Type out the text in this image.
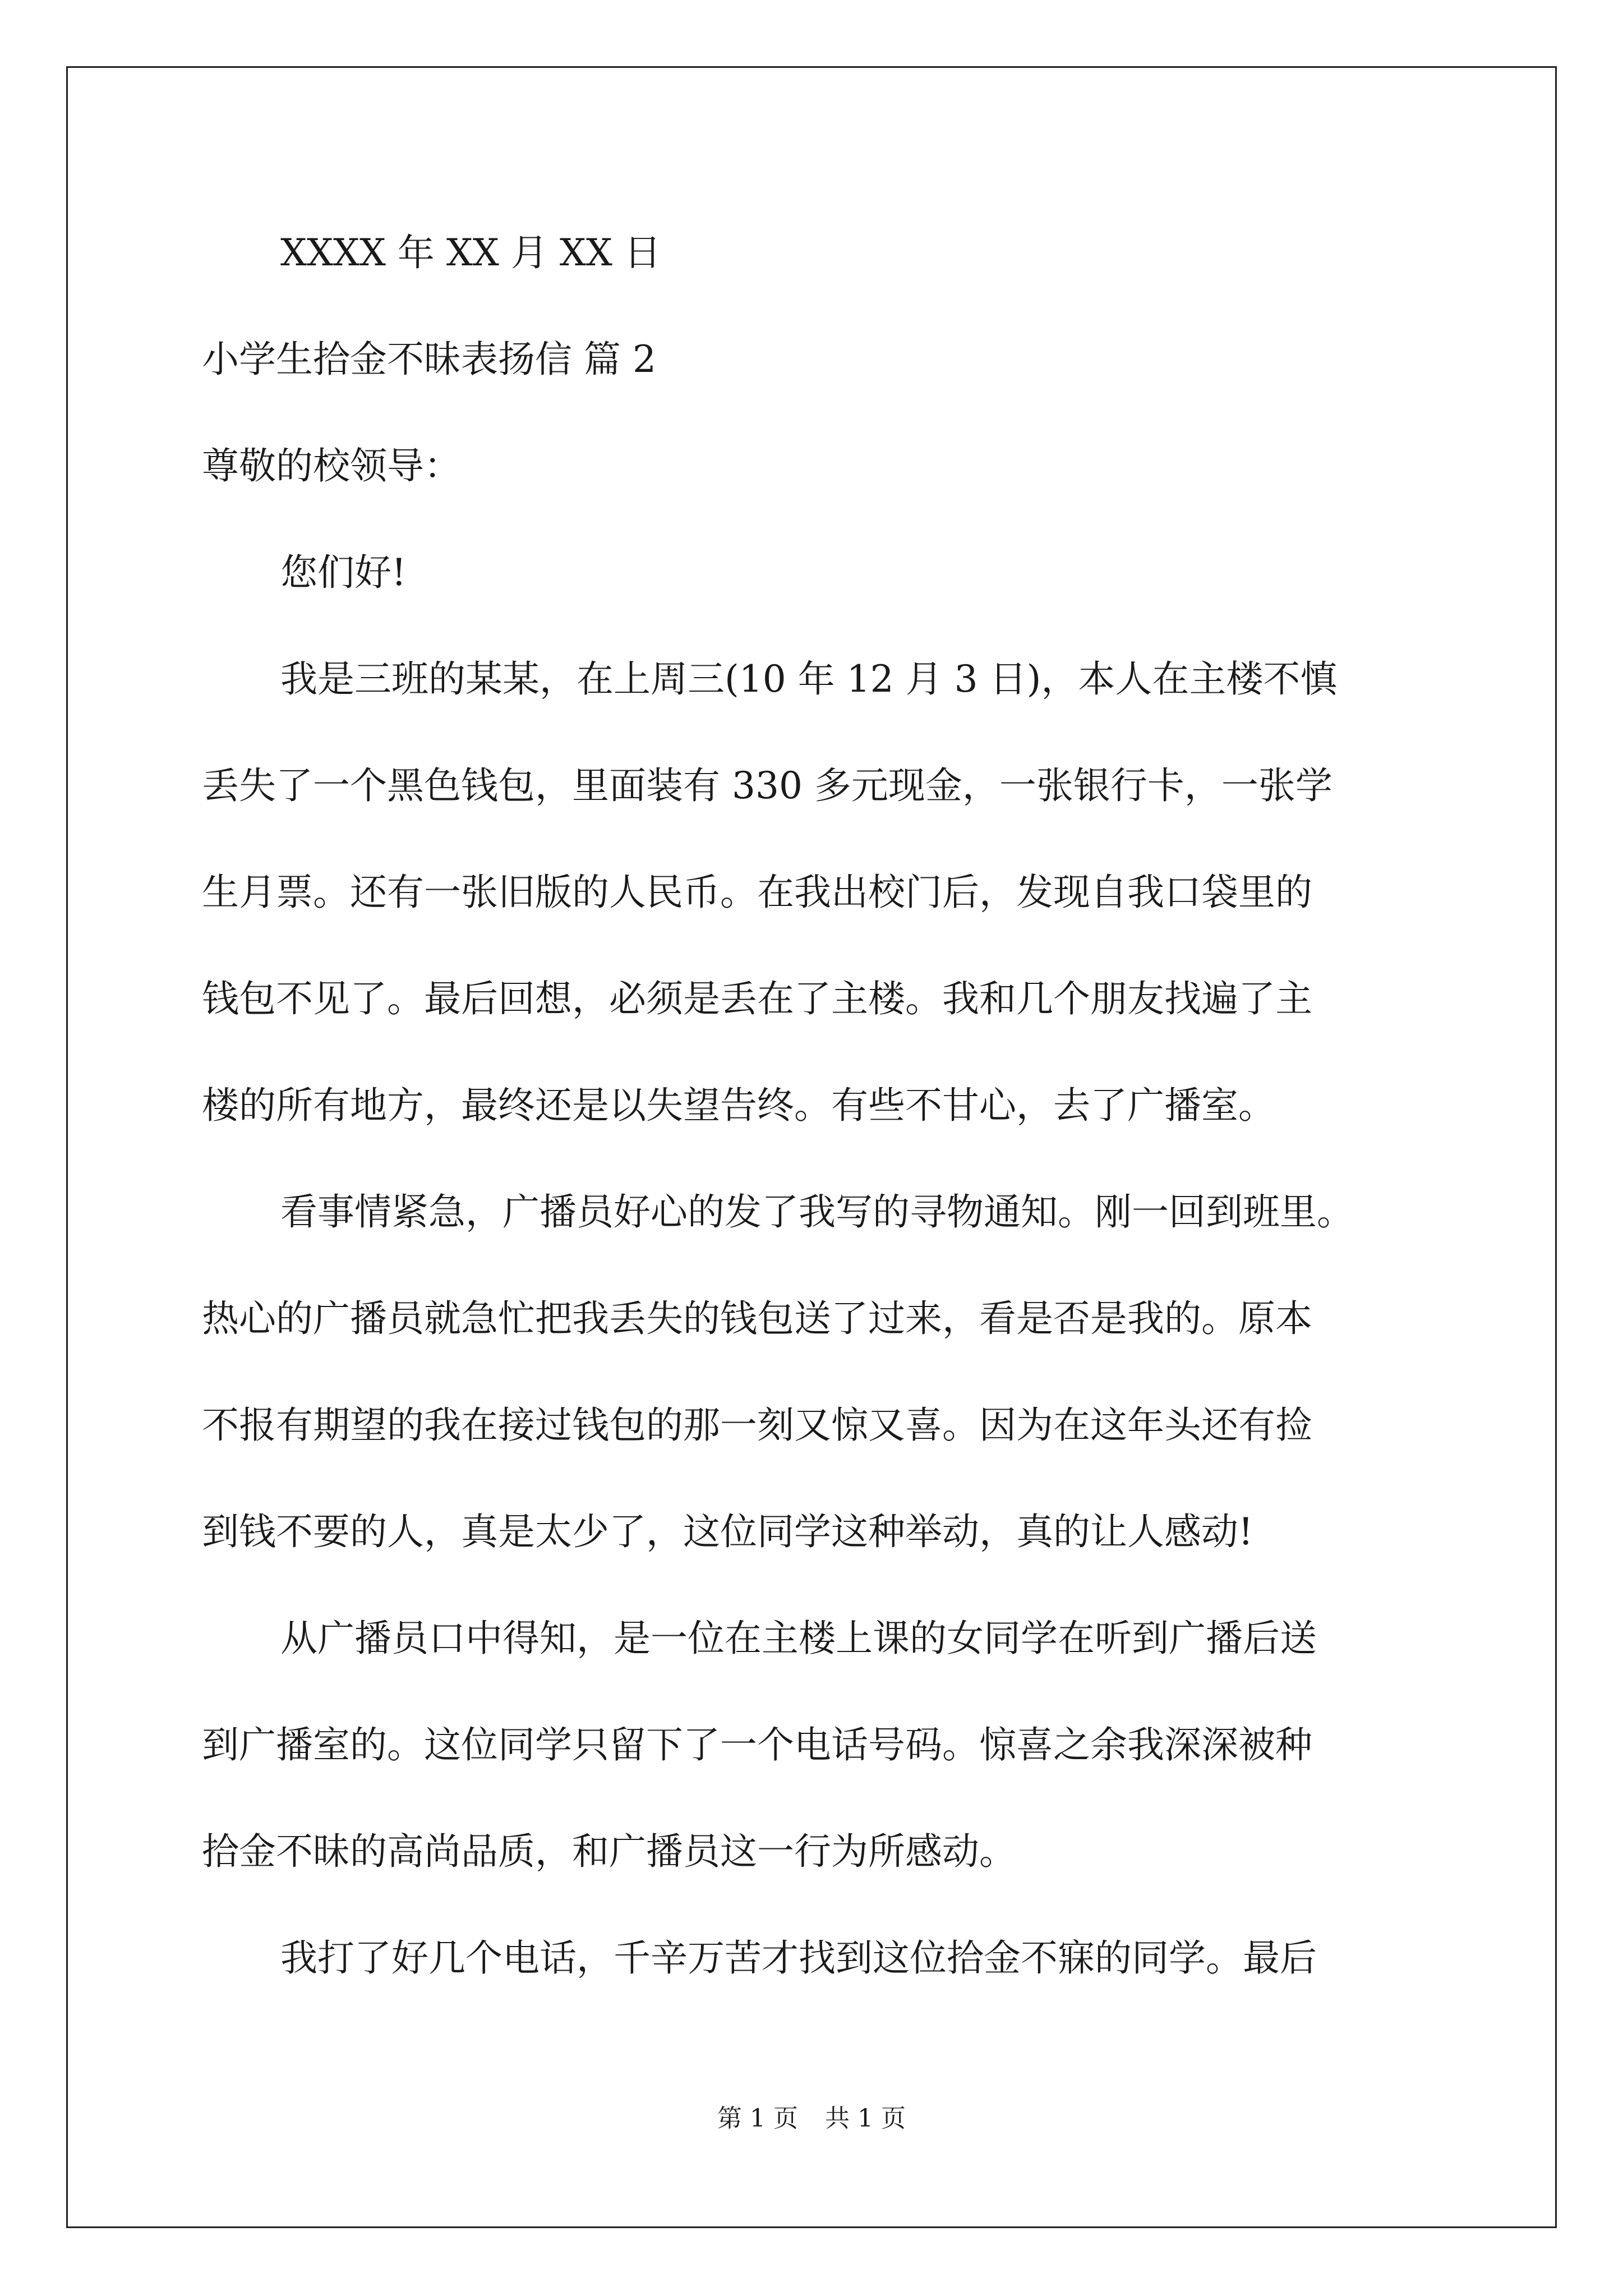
XXXX 年 XX 月 XX 日
小学生拾金不昧表扬信 篇 2
尊敬的校领导：
您们好!
我是三班的某某，在上周三(10 年 12 月 3 日)，本人在主楼不慎
丢失了一个黑色钱包，里面装有 330 多元现金，一张银行卡，一张学
生月票。还有一张旧版的人民币。在我出校门后，发现自我口袋里的
钱包不见了。最后回想，必须是丢在了主楼。我和几个朋友找遍了主
楼的所有地方，最终还是以失望告终。有些不甘心，去了广播室。
看事情紧急，广播员好心的发了我写的寻物通知。刚一回到班里。
热心的广播员就急忙把我丢失的钱包送了过来，看是否是我的。原本
不报有期望的我在接过钱包的那一刻又惊又喜。因为在这年头还有捡
到钱不要的人，真是太少了，这位同学这种举动，真的让人感动!
从广播员口中得知，是一位在主楼上课的女同学在听到广播后送
到广播室的。这位同学只留下了一个电话号码。惊喜之余我深深被种
拾金不昧的高尚品质，和广播员这一行为所感动。
我打了好几个电话，千辛万苦才找到这位拾金不寐的同学。最后
第 1 页 共 1 页
